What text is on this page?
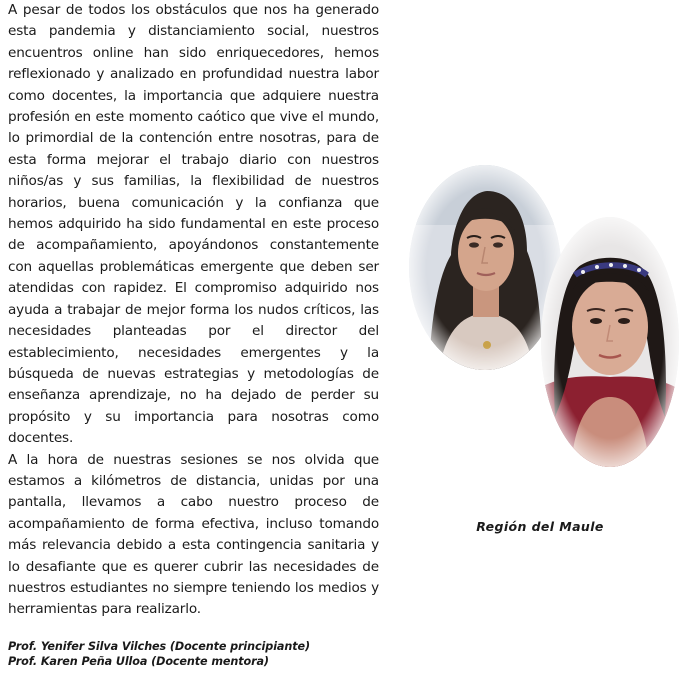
A pesar de todos los obstáculos que nos ha generado esta pandemia y distanciamiento social, nuestros encuentros online han sido enriquecedores, hemos reflexionado y analizado en profundidad nuestra labor como docentes, la importancia que adquiere nuestra profesión en este momento caótico que vive el mundo, lo primordial de la contención entre nosotras, para de esta forma mejorar el trabajo diario con nuestros niños/as y sus familias, la flexibilidad de nuestros horarios, buena comunicación y la confianza que hemos adquirido ha sido fundamental en este proceso de acompañamiento, apoyándonos constantemente con aquellas problemáticas emergente que deben ser atendidas con rapidez. El compromiso adquirido nos ayuda a trabajar de mejor forma los nudos críticos, las necesidades planteadas por el director del establecimiento, necesidades emergentes y la búsqueda de nuevas estrategias y metodologías de enseñanza aprendizaje, no ha dejado de perder su propósito y su importancia para nosotras como docentes.

A la hora de nuestras sesiones se nos olvida que estamos a kilómetros de distancia, unidas por una pantalla, llevamos a cabo nuestro proceso de acompañamiento de forma efectiva, incluso tomando más relevancia debido a esta contingencia sanitaria y lo desafiante que es querer cubrir las necesidades de nuestros estudiantes no siempre teniendo los medios y herramientas para realizarlo.

Prof. Yenifer Silva Vilches (Docente principiante)
Prof. Karen Peña Ulloa (Docente mentora)
Región del Maule
